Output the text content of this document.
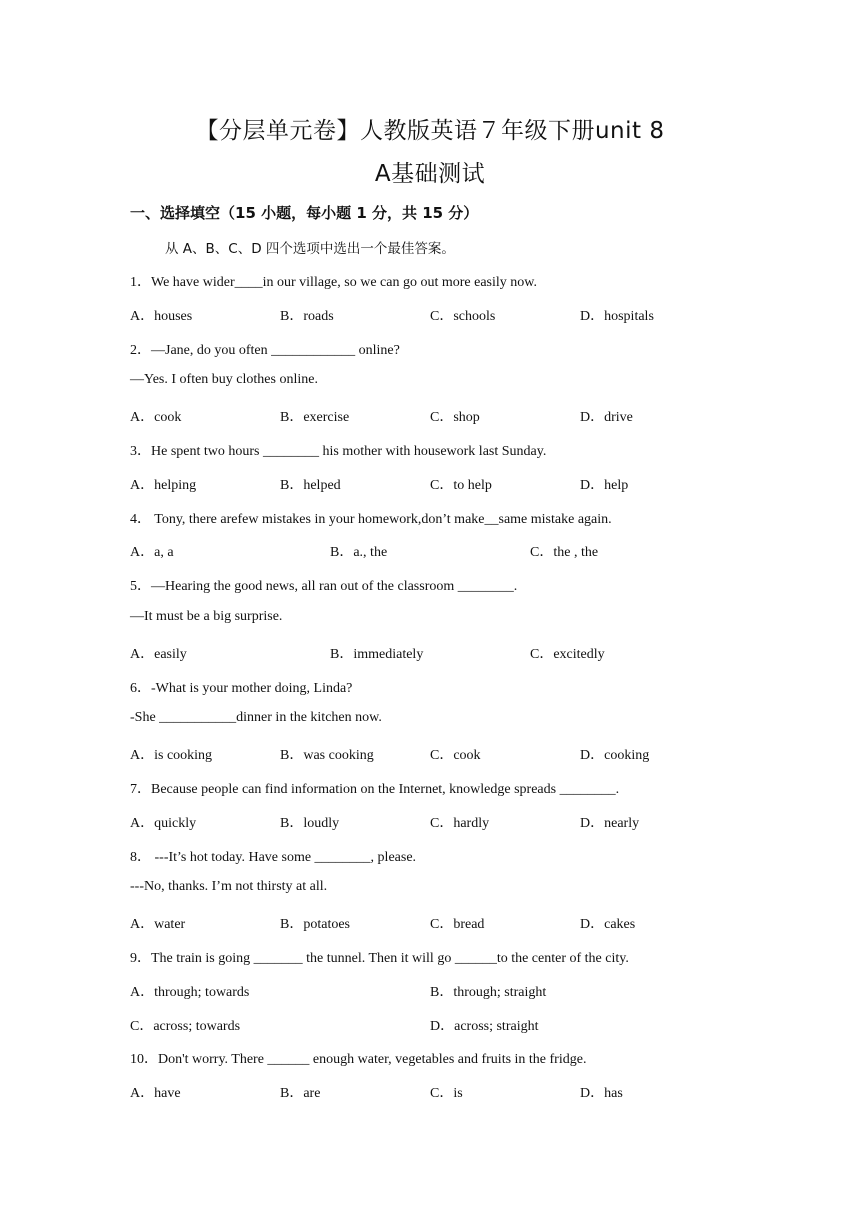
【分层单元卷】人教版英语７年级下册unit 8
A基础测试
一、选择填空（15 小题，每小题 1 分，共 15 分）
从 A、B、C、D 四个选项中选出一个最佳答案。
1．We have wider____in our village, so we can go out more easily now.
A．houses	B．roads	C．schools	D．hospitals
2．—Jane, do you often ____________ online?
—Yes. I often buy clothes online.
A．cook	B．exercise	C．shop	D．drive
3．He spent two hours ________ his mother with housework last Sunday.
A．helping	B．helped	C．to help	D．help
4． Tony, there arefew mistakes in your homework,don’t make__same mistake again.
A．a, a	B．a., the	C．the , the
5．—Hearing the good news, all ran out of the classroom ________.
—It must be a big surprise.
A．easily	B．immediately	C．excitedly
6．-What is your mother doing, Linda?
-She ___________dinner in the kitchen now.
A．is cooking	B．was cooking	C．cook	D．cooking
7．Because people can find information on the Internet, knowledge spreads ________.
A．quickly	B．loudly	C．hardly	D．nearly
8． ---It’s hot today. Have some ________, please.
---No, thanks. I’m not thirsty at all.
A．water	B．potatoes	C．bread	D．cakes
9．The train is going _______ the tunnel. Then it will go ______to the center of the city.
A．through; towards	B．through; straight
C．across; towards	D．across; straight
10．Don't worry. There ______ enough water, vegetables and fruits in the fridge.
A．have	B．are	C．is	D．has
